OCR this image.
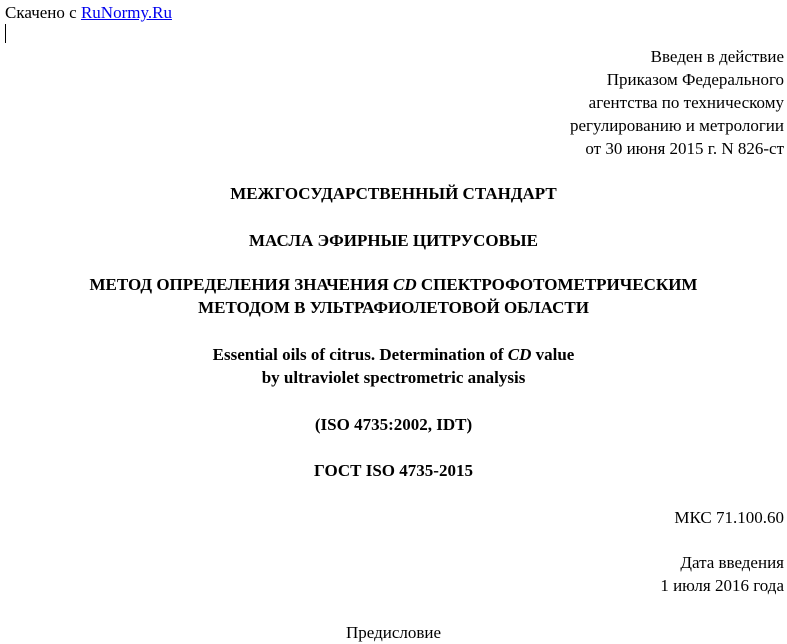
Скачено с RuNormy.Ru
Введен в действие
Приказом Федерального
агентства по техническому
регулированию и метрологии
от 30 июня 2015 г. N 826-ст
МЕЖГОСУДАРСТВЕННЫЙ СТАНДАРТ
МАСЛА ЭФИРНЫЕ ЦИТРУСОВЫЕ
МЕТОД ОПРЕДЕЛЕНИЯ ЗНАЧЕНИЯ CD СПЕКТРОФОТОМЕТРИЧЕСКИМ
МЕТОДОМ В УЛЬТРАФИОЛЕТОВОЙ ОБЛАСТИ
Essential oils of citrus. Determination of CD value
by ultraviolet spectrometric analysis
(ISO 4735:2002, IDT)
ГОСТ ISO 4735-2015
МКС 71.100.60
Дата введения
1 июля 2016 года
Предисловие
